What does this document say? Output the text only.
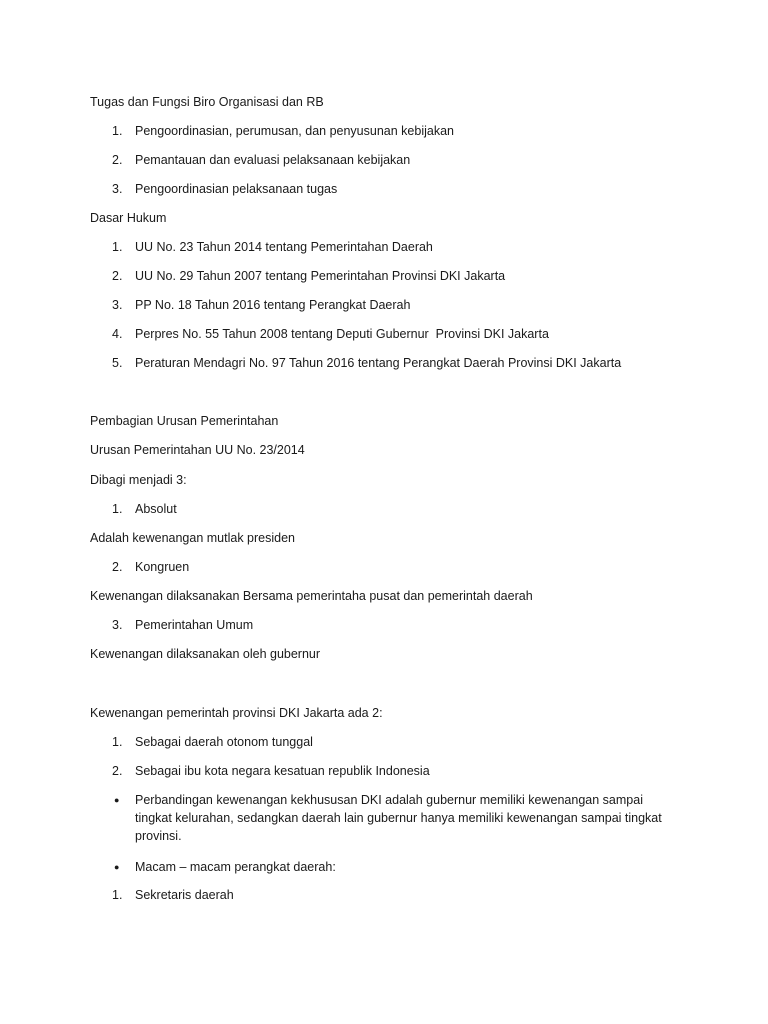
Tugas dan Fungsi Biro Organisasi dan RB
1.	Pengoordinasian, perumusan, dan penyusunan kebijakan
2.	Pemantauan dan evaluasi pelaksanaan kebijakan
3.	Pengoordinasian pelaksanaan tugas
Dasar Hukum
1.	UU No. 23 Tahun 2014 tentang Pemerintahan Daerah
2.	UU No. 29 Tahun 2007 tentang Pemerintahan Provinsi DKI Jakarta
3.	PP No. 18 Tahun 2016 tentang Perangkat Daerah
4.	Perpres No. 55 Tahun 2008 tentang Deputi Gubernur  Provinsi DKI Jakarta
5.	Peraturan Mendagri No. 97 Tahun 2016 tentang Perangkat Daerah Provinsi DKI Jakarta
Pembagian Urusan Pemerintahan
Urusan Pemerintahan UU No. 23/2014
Dibagi menjadi 3:
1.	Absolut
Adalah kewenangan mutlak presiden
2.	Kongruen
Kewenangan dilaksanakan Bersama pemerintaha pusat dan pemerintah daerah
3.	Pemerintahan Umum
Kewenangan dilaksanakan oleh gubernur
Kewenangan pemerintah provinsi DKI Jakarta ada 2:
1.	Sebagai daerah otonom tunggal
2.	Sebagai ibu kota negara kesatuan republik Indonesia
●	Perbandingan kewenangan kekhususan DKI adalah gubernur memiliki kewenangan sampai tingkat kelurahan, sedangkan daerah lain gubernur hanya memiliki kewenangan sampai tingkat provinsi.
●	Macam – macam perangkat daerah:
1.	Sekretaris daerah
